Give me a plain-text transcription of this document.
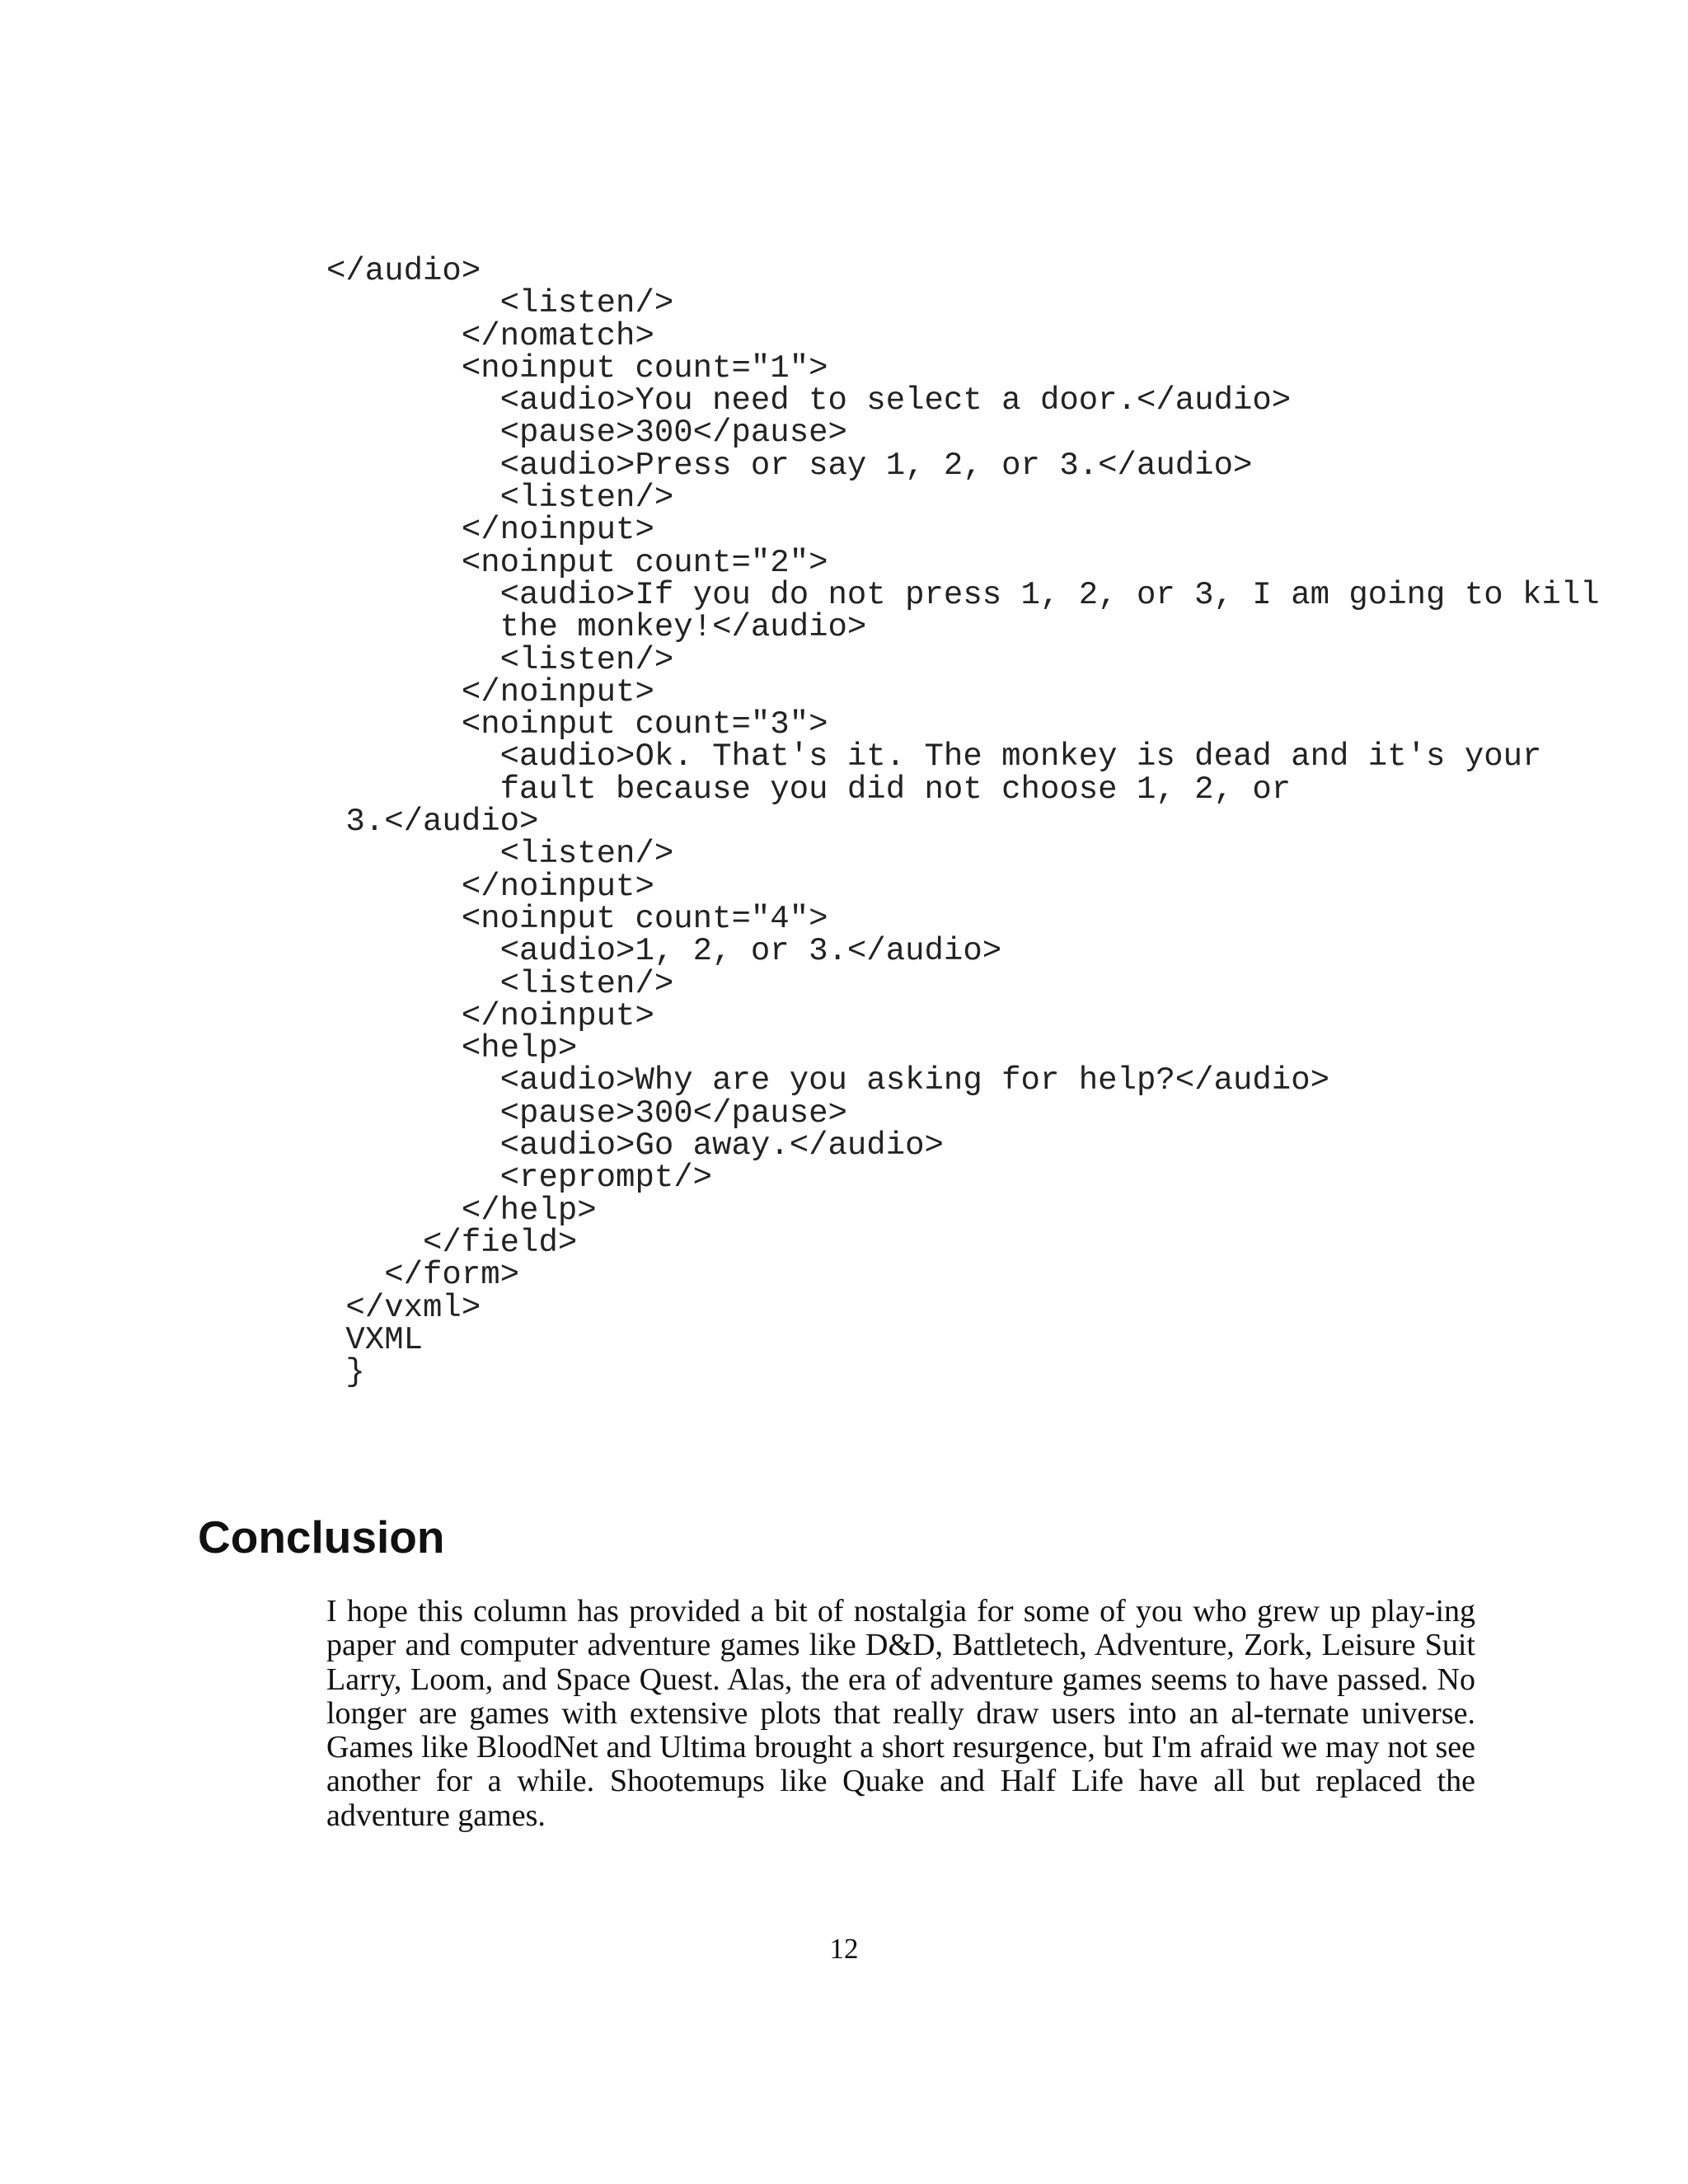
</audio>
<listen/>
</nomatch>
<noinput count="1">
<audio>You need to select a door.</audio>
<pause>300</pause>
<audio>Press or say 1, 2, or 3.</audio>
<listen/>
</noinput>
<noinput count="2">
<audio>If you do not press 1, 2, or 3, I am going to kill
the monkey!</audio>
<listen/>
</noinput>
<noinput count="3">
<audio>Ok. That's it. The monkey is dead and it's your
fault because you did not choose 1, 2, or
3.</audio>
<listen/>
</noinput>
<noinput count="4">
<audio>1, 2, or 3.</audio>
<listen/>
</noinput>
<help>
<audio>Why are you asking for help?</audio>
<pause>300</pause>
<audio>Go away.</audio>
<reprompt/>
</help>
</field>
</form>
</vxml>
VXML
}
Conclusion

I hope this column has provided a bit of nostalgia for some of you who grew up play-ing paper and computer adventure games like D&D, Battletech, Adventure, Zork, Leisure Suit Larry, Loom, and Space Quest. Alas, the era of adventure games seems to have passed. No longer are games with extensive plots that really draw users into an al-ternate universe. Games like BloodNet and Ultima brought a short resurgence, but I'm afraid we may not see another for a while. Shootemups like Quake and Half Life have all but replaced the adventure games.

12
